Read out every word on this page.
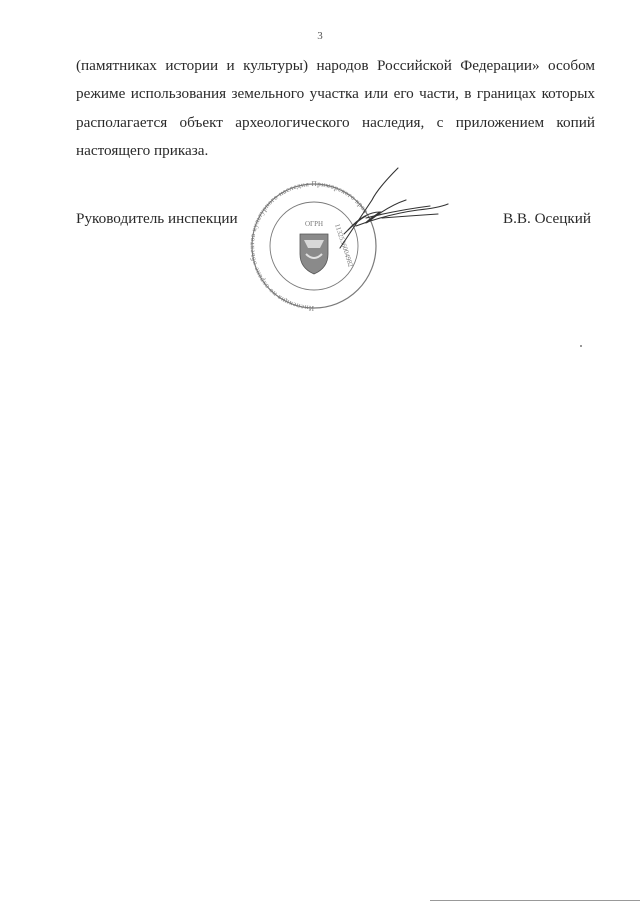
3

(памятниках истории и культуры) народов Российской Федерации» особом режиме использования земельного участка или его части, в границах которых располагается объект археологического наследия, с приложением копий настоящего приказа.

Руководитель инспекции	В.В. Осецкий
Инспекция по охране объектов культурного наследия Приморского края
ОГРН 1132536004982
